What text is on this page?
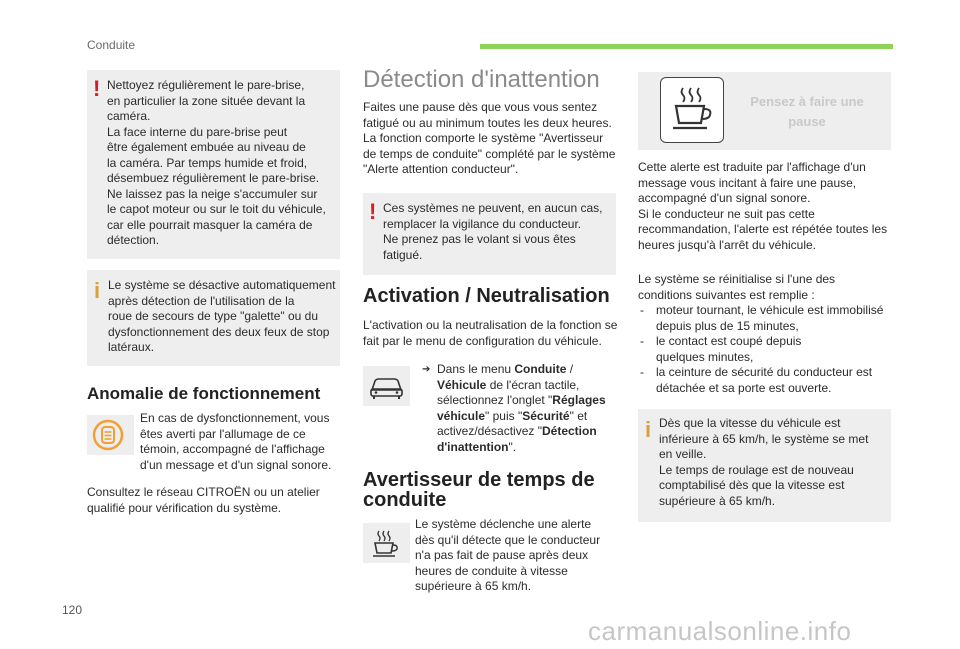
Conduite
! Nettoyez régulièrement le pare-brise,

en particulier la zone située devant la

caméra.

La face interne du pare-brise peut

être également embuée au niveau de

la caméra. Par temps humide et froid,

désembuez régulièrement le pare-brise.

Ne laissez pas la neige s'accumuler sur

le capot moteur ou sur le toit du véhicule,

car elle pourrait masquer la caméra de

détection.

i Le système se désactive automatiquement

après détection de l'utilisation de la

roue de secours de type "galette" ou du

dysfonctionnement des deux feux de stop

latéraux.

Anomalie de fonctionnement

En cas de dysfonctionnement, vous

êtes averti par l'allumage de ce

témoin, accompagné de l'affichage

d'un message et d'un signal sonore.

Consultez le réseau CITROËN ou un atelier

qualifié pour vérification du système.

Détection d'inattention

Faites une pause dès que vous vous sentez

fatigué ou au minimum toutes les deux heures.

La fonction comporte le système "Avertisseur

de temps de conduite" complété par le système

"Alerte attention conducteur".

! Ces systèmes ne peuvent, en aucun cas,

remplacer la vigilance du conducteur.

Ne prenez pas le volant si vous êtes

fatigué.

Activation / Neutralisation

L'activation ou la neutralisation de la fonction se

fait par le menu de configuration du véhicule.

➔ Dans le menu Conduite /
Véhicule de l'écran tactile,
sélectionnez l'onglet "Réglages
véhicule" puis "Sécurité" et
activez/désactivez "Détection
d'inattention".
Avertisseur de temps de
conduite

Le système déclenche une alerte

dès qu'il détecte que le conducteur

n'a pas fait de pause après deux

heures de conduite à vitesse

supérieure à 65 km/h.

Pensez à faire une
pause

Cette alerte est traduite par l'affichage d'un

message vous incitant à faire une pause,

accompagné d'un signal sonore.

Si le conducteur ne suit pas cette

recommandation, l'alerte est répétée toutes les

heures jusqu'à l'arrêt du véhicule.

Le système se réinitialise si l'une des

conditions suivantes est remplie :

- moteur tournant, le véhicule est immobilisé
depuis plus de 15 minutes,
- le contact est coupé depuis
quelques minutes,
- la ceinture de sécurité du conducteur est
détachée et sa porte est ouverte.
i Dès que la vitesse du véhicule est

inférieure à 65 km/h, le système se met

en veille.

Le temps de roulage est de nouveau

comptabilisé dès que la vitesse est

supérieure à 65 km/h.

120
carmanualsonline.info
